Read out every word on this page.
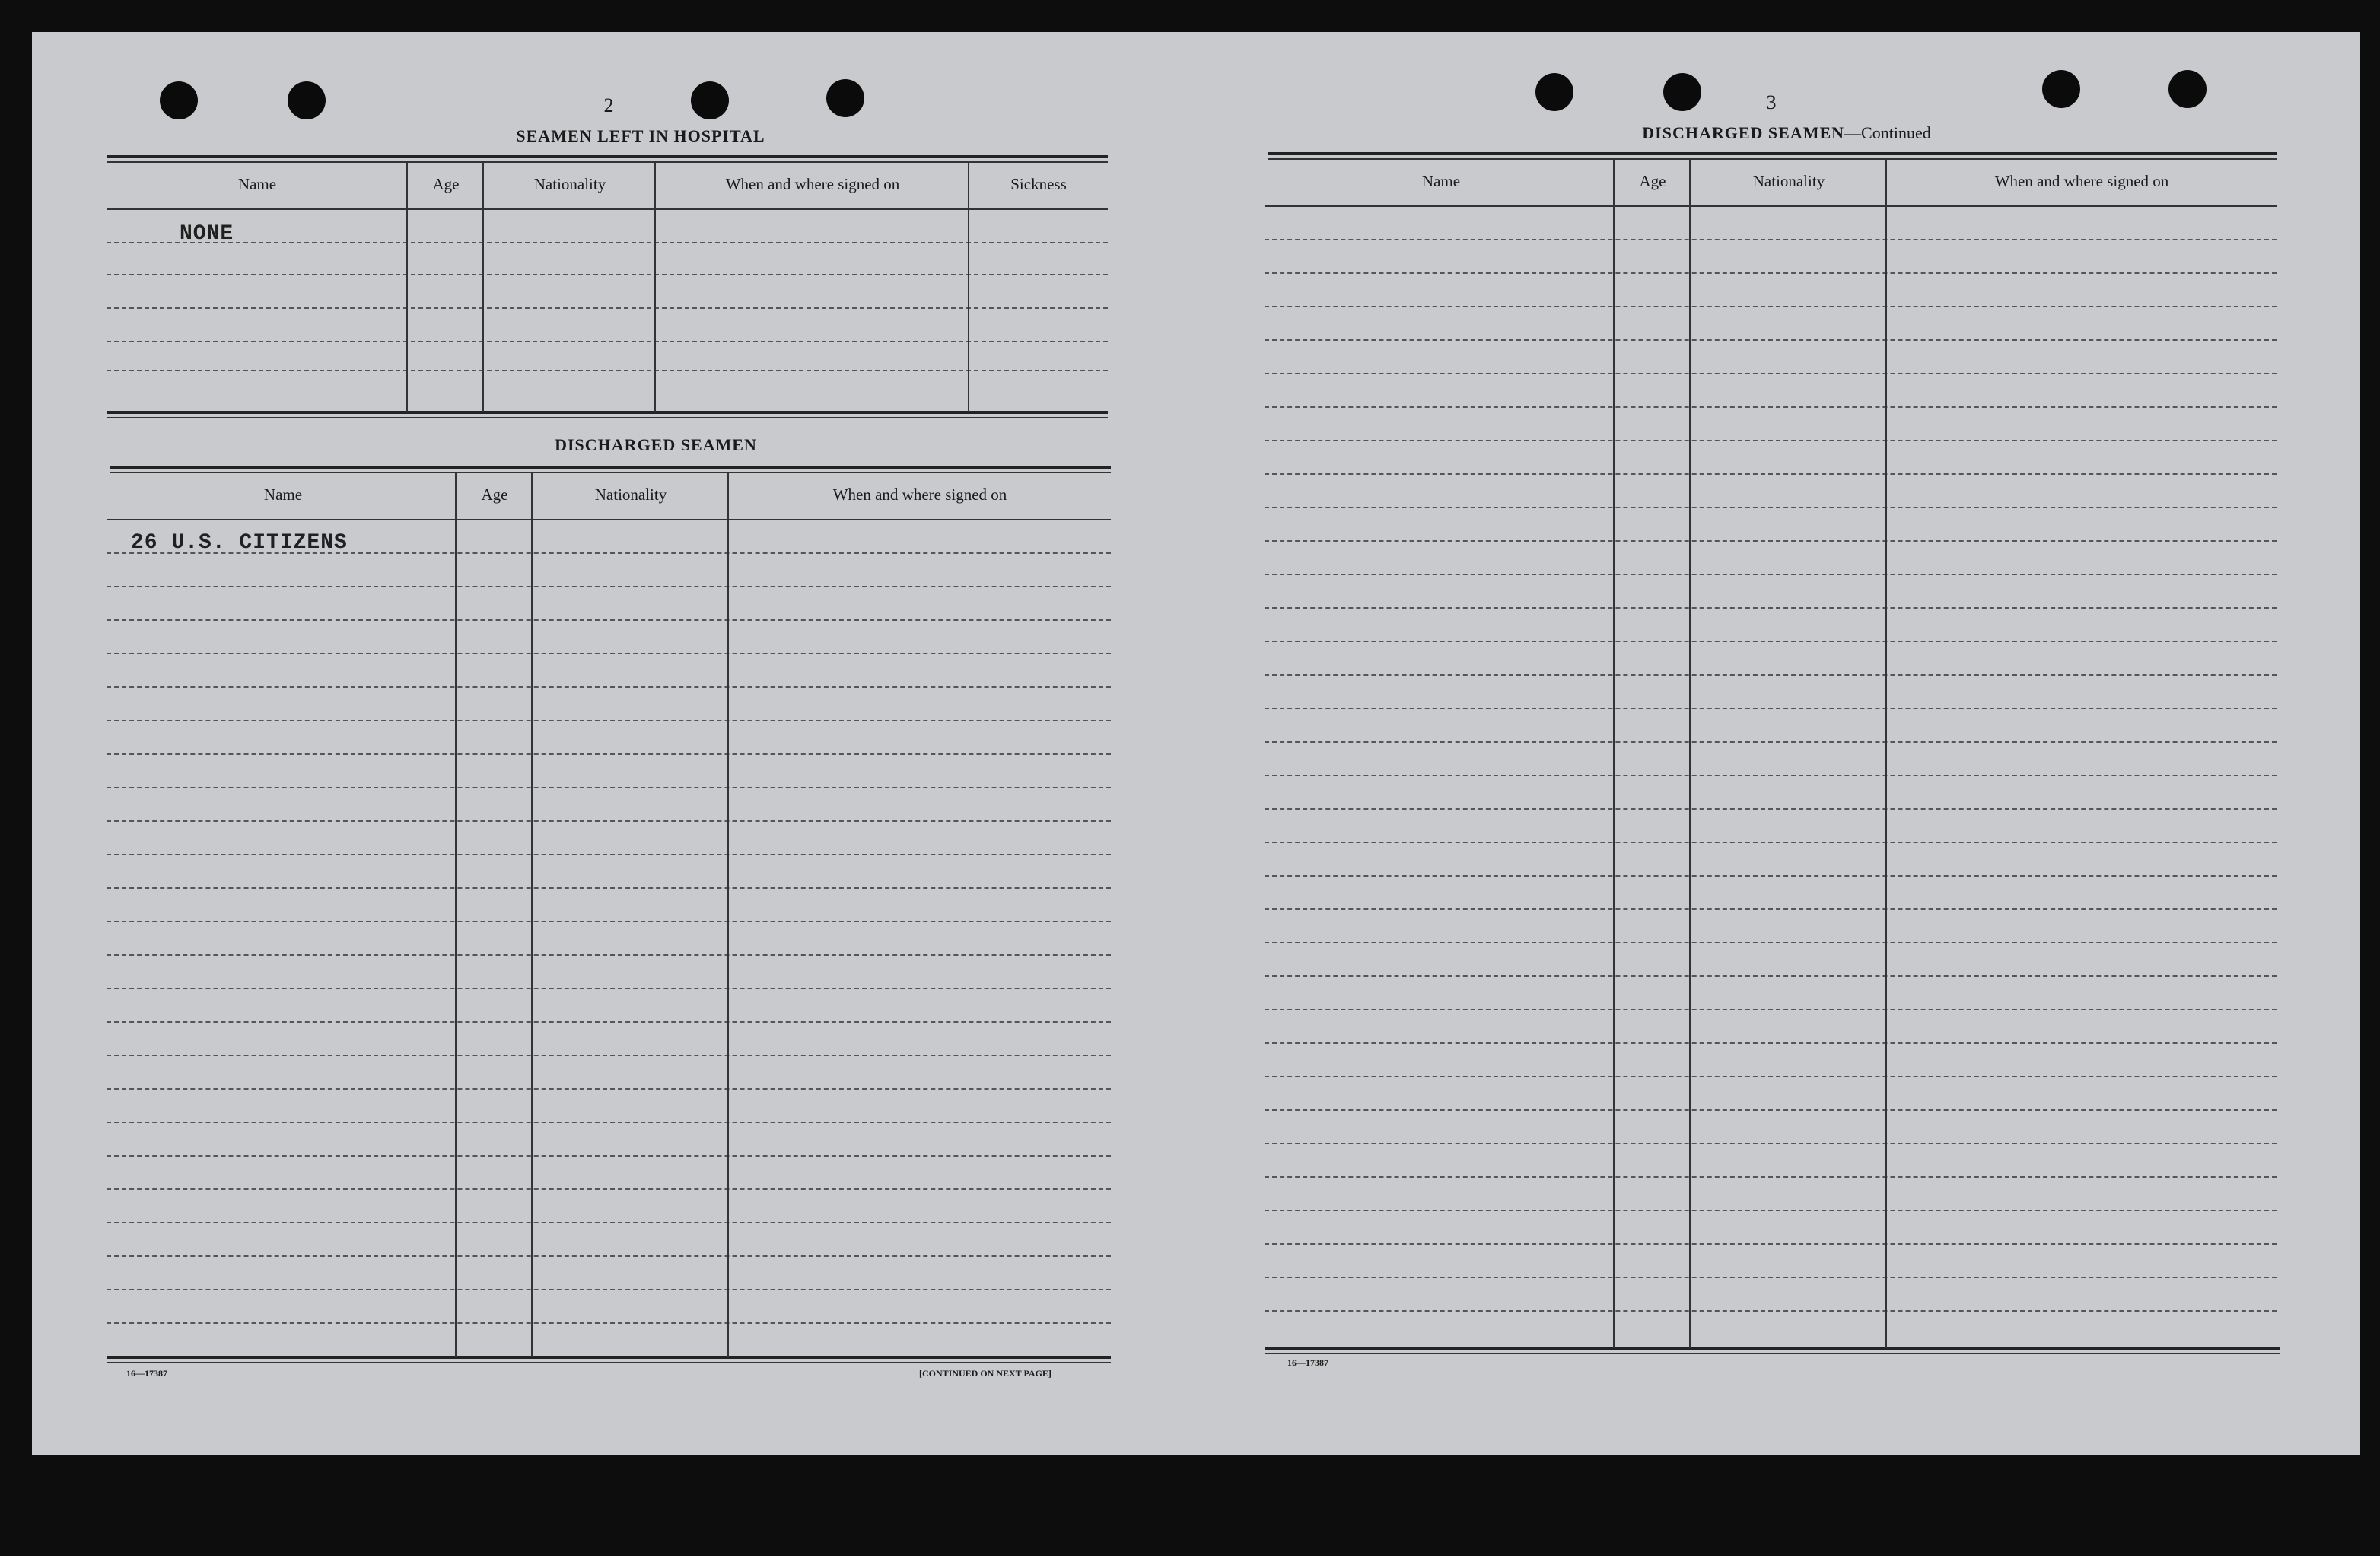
2
SEAMEN LEFT IN HOSPITAL
Name	Age	Nationality	When and where signed on	Sickness
NONE
DISCHARGED SEAMEN
Name	Age	Nationality	When and where signed on
26 U.S. CITIZENS
16—17387	[CONTINUED ON NEXT PAGE]
3
DISCHARGED SEAMEN—Continued
Name	Age	Nationality	When and where signed on
16—17387
